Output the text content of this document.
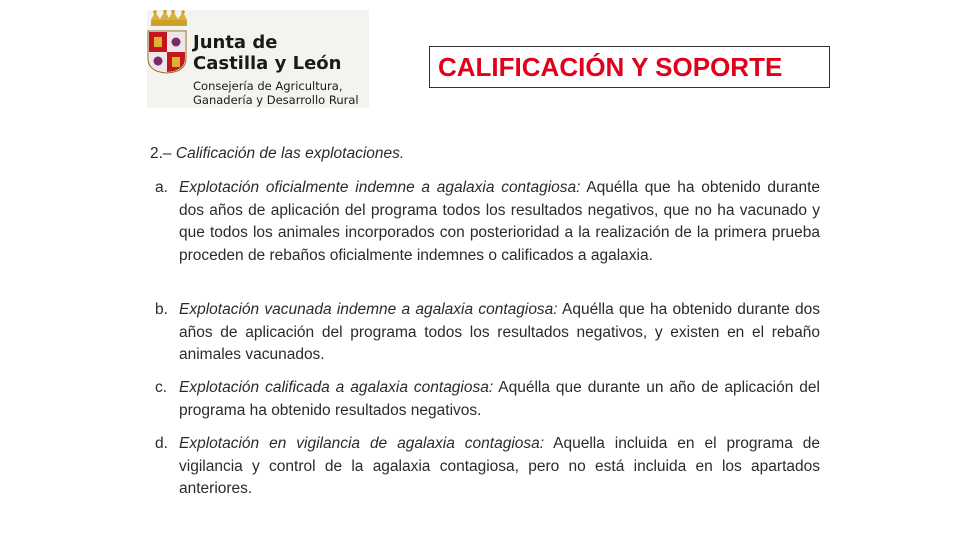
Junta de
Castilla y León
Consejería de Agricultura,
Ganadería y Desarrollo Rural
CALIFICACIÓN Y SOPORTE
2.– Calificación de las explotaciones.
a. Explotación oficialmente indemne a agalaxia contagiosa: Aquélla que ha obtenido durante dos años de aplicación del programa todos los resultados negativos, que no ha vacunado y que todos los animales incorporados con posterioridad a la realización de la primera prueba proceden de rebaños oficialmente indemnes o calificados a agalaxia.
b. Explotación vacunada indemne a agalaxia contagiosa: Aquélla que ha obtenido durante dos años de aplicación del programa todos los resultados negativos, y existen en el rebaño animales vacunados.
c. Explotación calificada a agalaxia contagiosa: Aquélla que durante un año de aplicación del programa ha obtenido resultados negativos.
d. Explotación en vigilancia de agalaxia contagiosa: Aquella incluida en el programa de vigilancia y control de la agalaxia contagiosa, pero no está incluida en los apartados anteriores.
